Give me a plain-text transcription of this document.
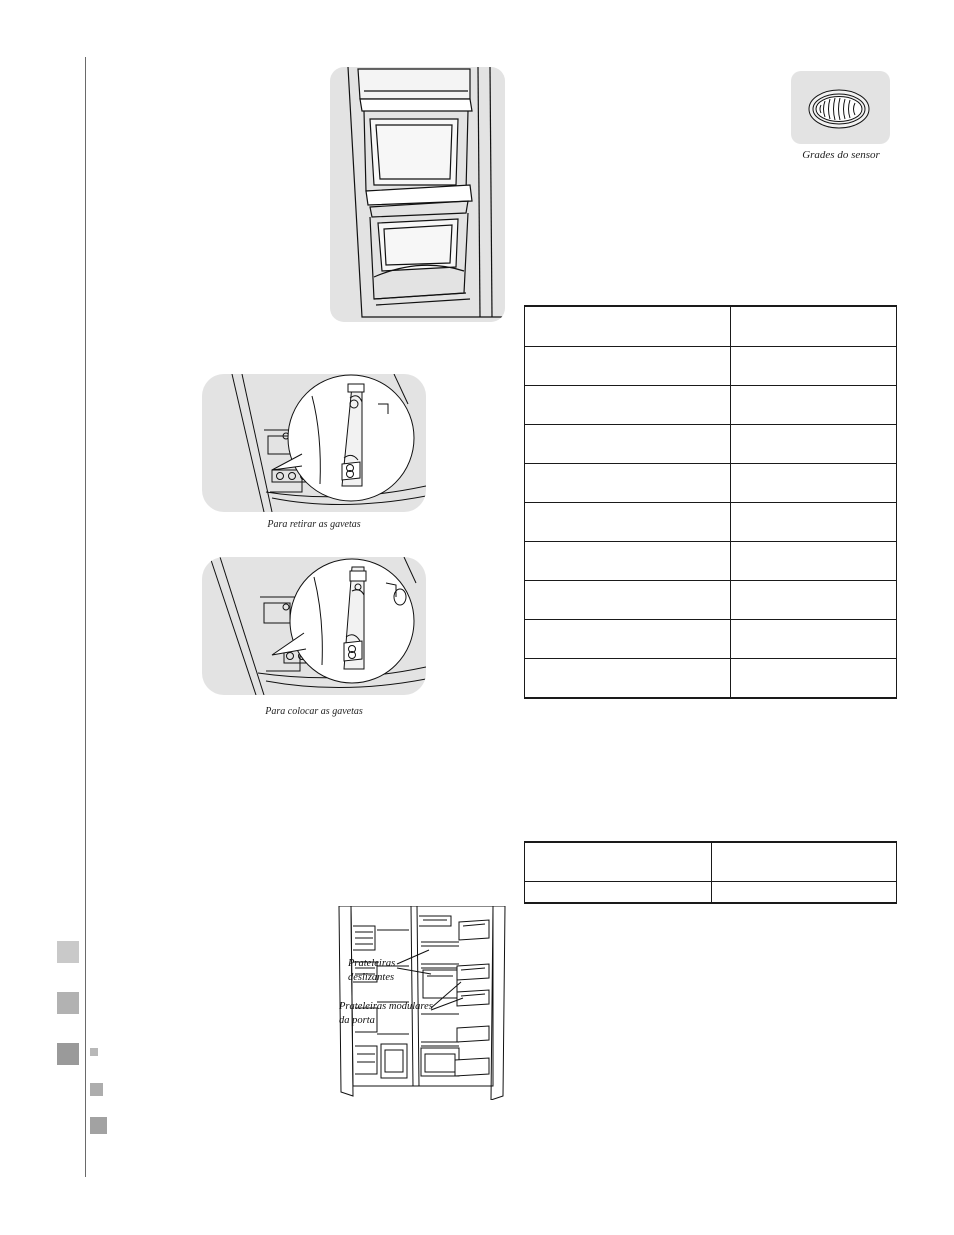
Para retirar as gavetas
Para colocar as gavetas
Prateleiras
deslizantes
Prateleiras modulares
da porta
Grades do sensor
